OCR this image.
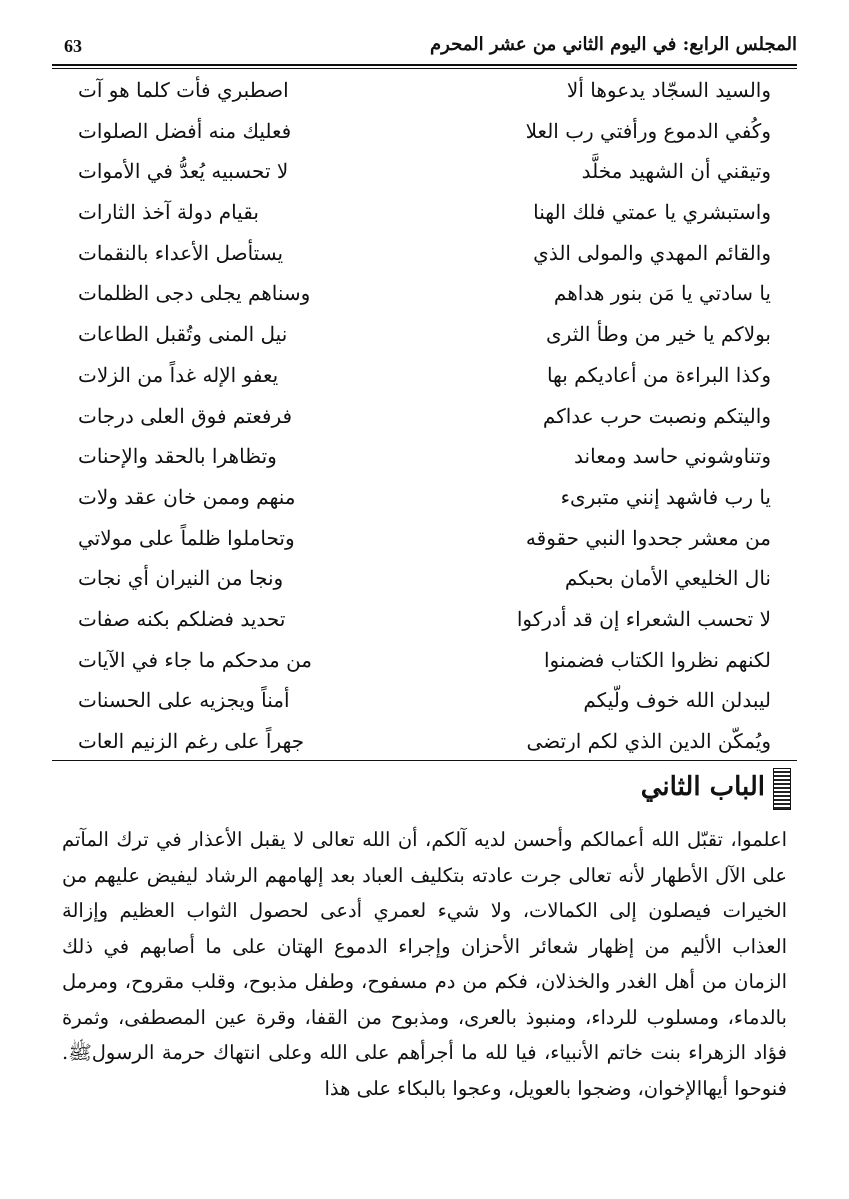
63	المجلس الرابع: في اليوم الثاني من عشر المحرم
والسيد السجّاد يدعوها ألا
اصطبري فأت كلما هو آت
وكُفي الدموع ورأفتي رب العلا
فعليك منه أفضل الصلوات
وتيقني أن الشهيد مخلَّد
لا تحسبيه يُعدُّ في الأموات
واستبشري يا عمتي فلك الهنا
بقيام دولة آخذ الثارات
والقائم المهدي والمولى الذي
يستأصل الأعداء بالنقمات
يا سادتي يا مَن بنور هداهم
وسناهم يجلى دجى الظلمات
بولاكم يا خير من وطأ الثرى
نيل المنى وتُقبل الطاعات
وكذا البراءة من أعاديكم بها
يعفو الإله غداً من الزلات
واليتكم ونصبت حرب عداكم
فرفعتم فوق العلى درجات
وتناوشوني حاسد ومعاند
وتظاهرا بالحقد والإحنات
يا رب فاشهد إنني متبرىء
منهم وممن خان عقد ولات
من معشر جحدوا النبي حقوقه
وتحاملوا ظلماً على مولاتي
نال الخليعي الأمان بحبكم
ونجا من النيران أي نجات
لا تحسب الشعراء إن قد أدركوا
تحديد فضلكم بكنه صفات
لكنهم نظروا الكتاب فضمنوا
من مدحكم ما جاء في الآيات
ليبدلن الله خوف ولّيكم
أمناً ويجزيه على الحسنات
ويُمكّن الدين الذي لكم ارتضى
جهراً على رغم الزنيم العات
الباب الثاني
اعلموا، تقبّل الله أعمالكم وأحسن لديه آلكم، أن الله تعالى لا يقبل الأعذار في ترك المآتم على الآل الأطهار لأنه تعالى جرت عادته بتكليف العباد بعد إلهامهم الرشاد ليفيض عليهم من الخيرات فيصلون إلى الكمالات، ولا شيء لعمري أدعى لحصول الثواب العظيم وإزالة العذاب الأليم من إظهار شعائر الأحزان وإجراء الدموع الهتان على ما أصابهم في ذلك الزمان من أهل الغدر والخذلان، فكم من دم مسفوح، وطفل مذبوح، وقلب مقروح، ومرمل بالدماء، ومسلوب للرداء، ومنبوذ بالعرى، ومذبوح من القفا، وقرة عين المصطفى، وثمرة فؤاد الزهراء بنت خاتم الأنبياء، فيا لله ما أجرأهم على الله وعلى انتهاك حرمة الرسولﷺ. فنوحوا أيهاالإخوان، وضجوا بالعويل، وعجوا بالبكاء على هذا
